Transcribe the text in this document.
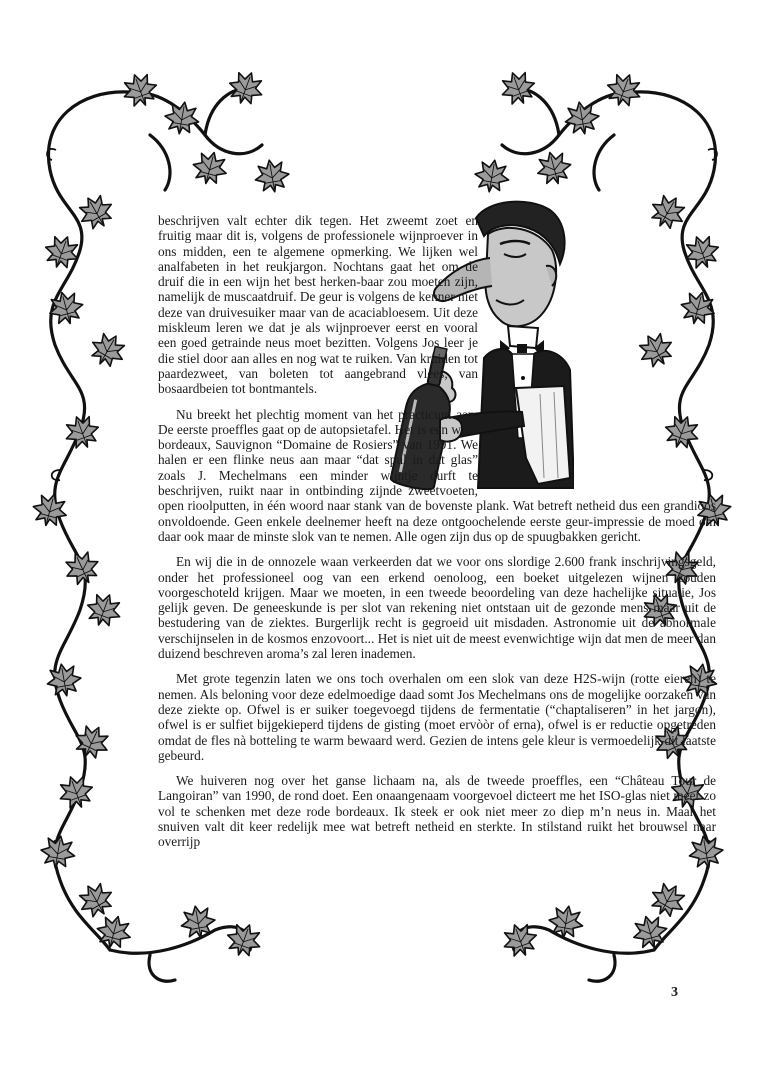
beschrijven valt echter dik tegen. Het zweemt zoet en fruitig maar dit is, volgens de professionele wijnproever in ons midden, een te algemene opmerking. We lijken wel analfabeten in het reukjargon. Nochtans gaat het om de druif die in een wijn het best herken-baar zou moeten zijn, namelijk de muscaatdruif. De geur is volgens de kenner niet deze van druivesuiker maar van de acaciabloesem. Uit deze miskleum leren we dat je als wijnproever eerst en vooral een goed getrainde neus moet bezitten. Volgens Jos leer je die stiel door aan alles en nog wat te ruiken. Van kruiden tot paardezweet, van boleten tot aangebrand vlees, van bosaardbeien tot bontmantels.

Nu breekt het plechtig moment van het practicum aan. De eerste proeffles gaat op de autopsietafel. Het is een witte bordeaux, Sauvignon “Domaine de Rosiers” van 1991. We halen er een flinke neus aan maar “dat spul in dat glas” zoals J. Mechelmans een minder wijntje durft te beschrijven, ruikt naar in ontbinding zijnde zweetvoeten, open rioolputten, in één woord naar stank van de bovenste plank. Wat betreft netheid dus een grandioos onvoldoende. Geen enkele deelnemer heeft na deze ontgoochelende eerste geur-impressie de moed om daar ook maar de minste slok van te nemen. Alle ogen zijn dus op de spuugbakken gericht.

En wij die in de onnozele waan verkeerden dat we voor ons slordige 2.600 frank inschrijvingsgeld, onder het professioneel oog van een erkend oenoloog, een boeket uitgelezen wijnen zouden voorgeschoteld krijgen. Maar we moeten, in een tweede beoordeling van deze hachelijke situatie, Jos gelijk geven. De geneeskunde is per slot van rekening niet ontstaan uit de gezonde mens maar uit de bestudering van de ziektes. Burgerlijk recht is gegroeid uit misdaden. Astronomie uit de abnormale verschijnselen in de kosmos enzovoort... Het is niet uit de meest evenwichtige wijn dat men de meer dan duizend beschreven aroma’s zal leren inademen.

Met grote tegenzin laten we ons toch overhalen om een slok van deze H2S-wijn (rotte eieren) te nemen. Als beloning voor deze edelmoedige daad somt Jos Mechelmans ons de mogelijke oorzaken van deze ziekte op. Ofwel is er suiker toegevoegd tijdens de fermentatie (“chaptaliseren” in het jargon), ofwel is er sulfiet bijgekieperd tijdens de gisting (moet ervòòr of erna), ofwel is er reductie opgetreden omdat de fles nà botteling te warm bewaard werd. Gezien de intens gele kleur is vermoedelijk dit laatste gebeurd.

We huiveren nog over het ganse lichaam na, als de tweede proeffles, een “Château Tour de Langoiran” van 1990, de rond doet. Een onaangenaam voorgevoel dicteert me het ISO-glas niet meer zo vol te schenken met deze rode bordeaux. Ik steek er ook niet meer zo diep m’n neus in. Maar het snuiven valt dit keer redelijk mee wat betreft netheid en sterkte. In stilstand ruikt het brouwsel naar overrijp

3
